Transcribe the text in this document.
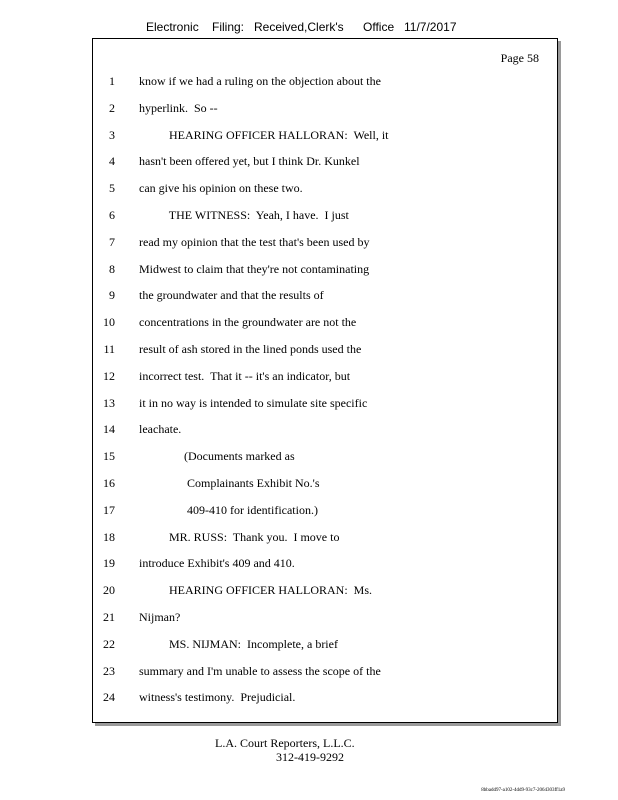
Electronic Filing: Received,Clerk's Office 11/7/2017
Page 58
1 know if we had a ruling on the objection about the
2 hyperlink.  So --
3 HEARING OFFICER HALLORAN:  Well, it
4 hasn't been offered yet, but I think Dr. Kunkel
5 can give his opinion on these two.
6 THE WITNESS:  Yeah, I have.  I just
7 read my opinion that the test that's been used by
8 Midwest to claim that they're not contaminating
9 the groundwater and that the results of
10 concentrations in the groundwater are not the
11 result of ash stored in the lined ponds used the
12 incorrect test.  That it -- it's an indicator, but
13 it in no way is intended to simulate site specific
14 leachate.
15 (Documents marked as
16 Complainants Exhibit No.'s
17 409-410 for identification.)
18 MR. RUSS:  Thank you.  I move to
19 introduce Exhibit's 409 and 410.
20 HEARING OFFICER HALLORAN:  Ms.
21 Nijman?
22 MS. NIJMAN:  Incomplete, a brief
23 summary and I'm unable to assess the scope of the
24 witness's testimony.  Prejudicial.
L.A. Court Reporters, L.L.C.
312-419-9292
8bbadd97-a102-4dd9-93c7-2064303ff1a9
